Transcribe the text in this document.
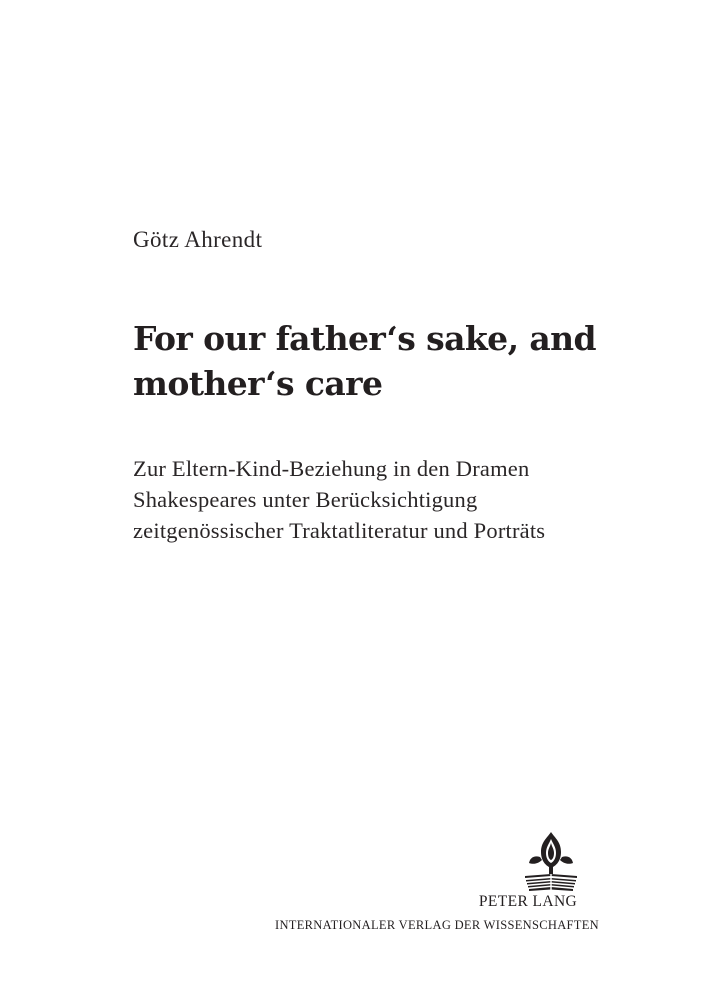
Götz Ahrendt
For our father‘s sake, and
mother‘s care
Zur Eltern-Kind-Beziehung in den Dramen
Shakespeares unter Berücksichtigung
zeitgenössischer Traktatliteratur und Porträts
PETER LANG
INTERNATIONALER VERLAG DER WISSENSCHAFTEN
